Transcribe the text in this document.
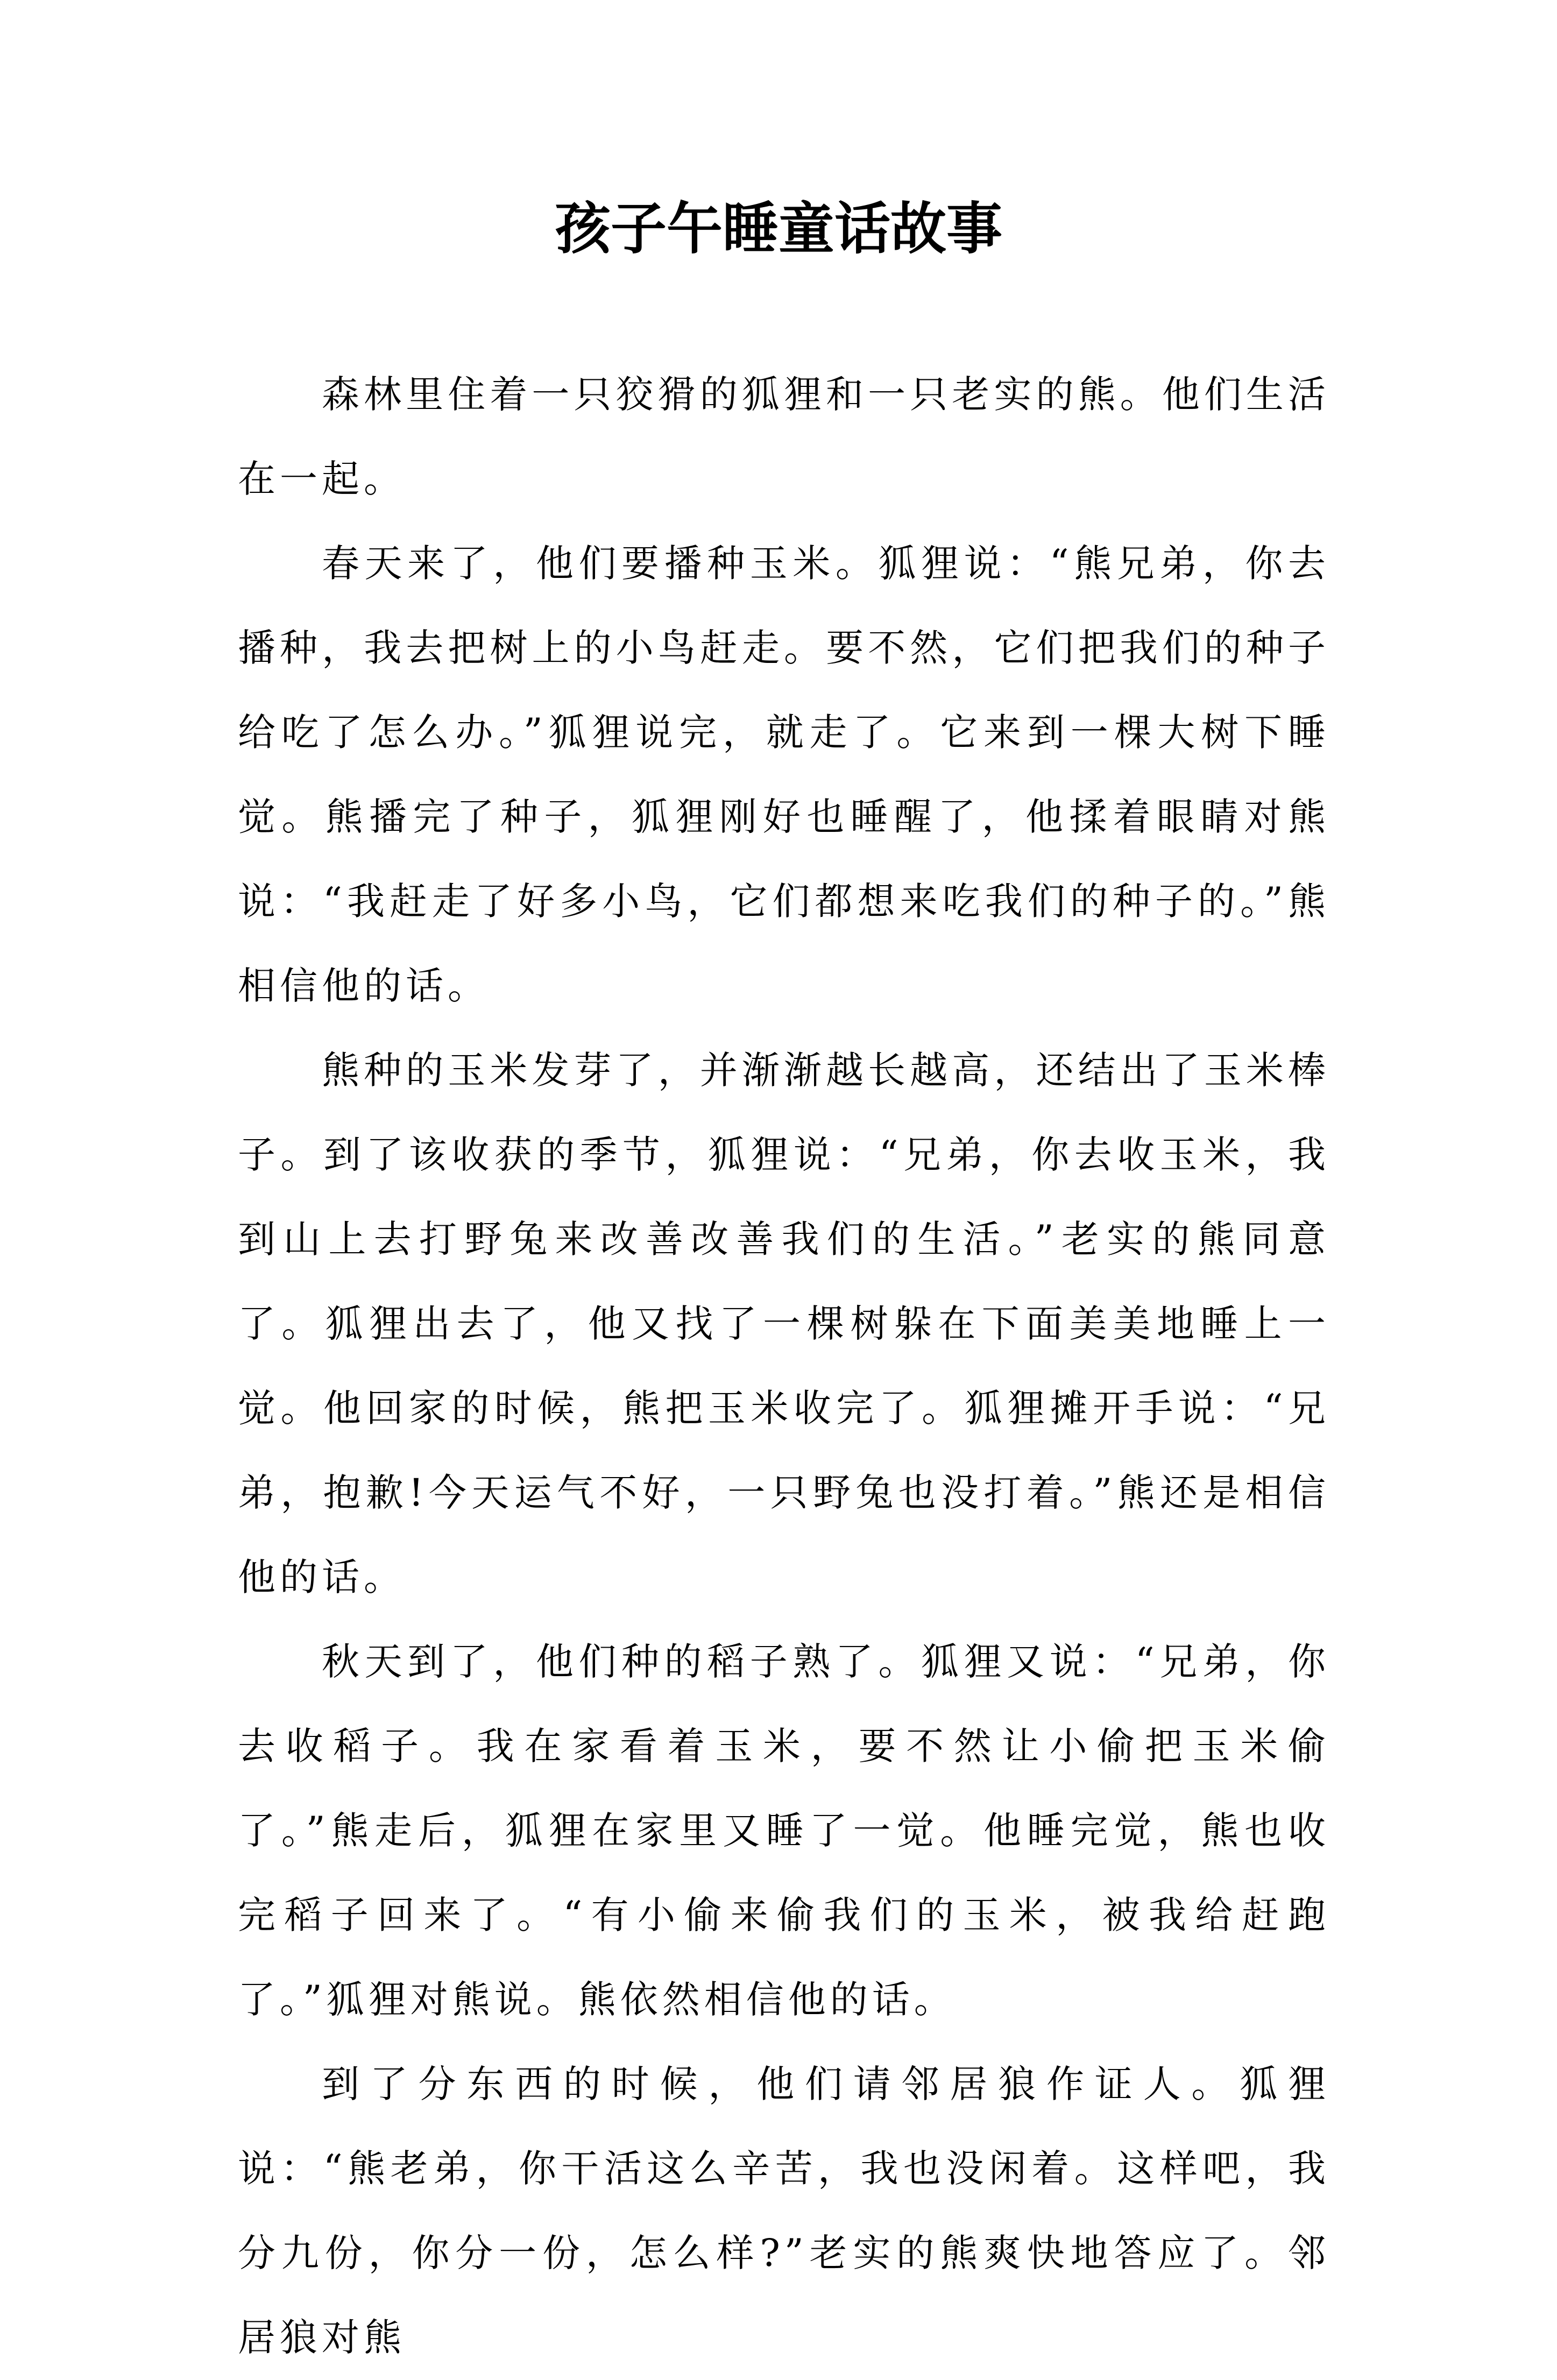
孩子午睡童话故事

森林里住着一只狡猾的狐狸和一只老实的熊。他们生活在一起。

春天来了，他们要播种玉米。狐狸说：“熊兄弟，你去播种，我去把树上的小鸟赶走。要不然，它们把我们的种子给吃了怎么办。”狐狸说完，就走了。它来到一棵大树下睡觉。熊播完了种子，狐狸刚好也睡醒了，他揉着眼睛对熊说：“我赶走了好多小鸟，它们都想来吃我们的种子的。”熊相信他的话。

熊种的玉米发芽了，并渐渐越长越高，还结出了玉米棒子。到了该收获的季节，狐狸说：“兄弟，你去收玉米，我到山上去打野兔来改善改善我们的生活。”老实的熊同意了。狐狸出去了，他又找了一棵树躲在下面美美地睡上一觉。他回家的时候，熊把玉米收完了。狐狸摊开手说：“兄弟，抱歉!今天运气不好，一只野兔也没打着。”熊还是相信他的话。

秋天到了，他们种的稻子熟了。狐狸又说：“兄弟，你去收稻子。我在家看着玉米，要不然让小偷把玉米偷了。”熊走后，狐狸在家里又睡了一觉。他睡完觉，熊也收完稻子回来了。“有小偷来偷我们的玉米，被我给赶跑了。”狐狸对熊说。熊依然相信他的话。

到了分东西的时候，他们请邻居狼作证人。狐狸说：“熊老弟，你干活这么辛苦，我也没闲着。这样吧，我分九份，你分一份，怎么样?”老实的熊爽快地答应了。邻居狼对熊
